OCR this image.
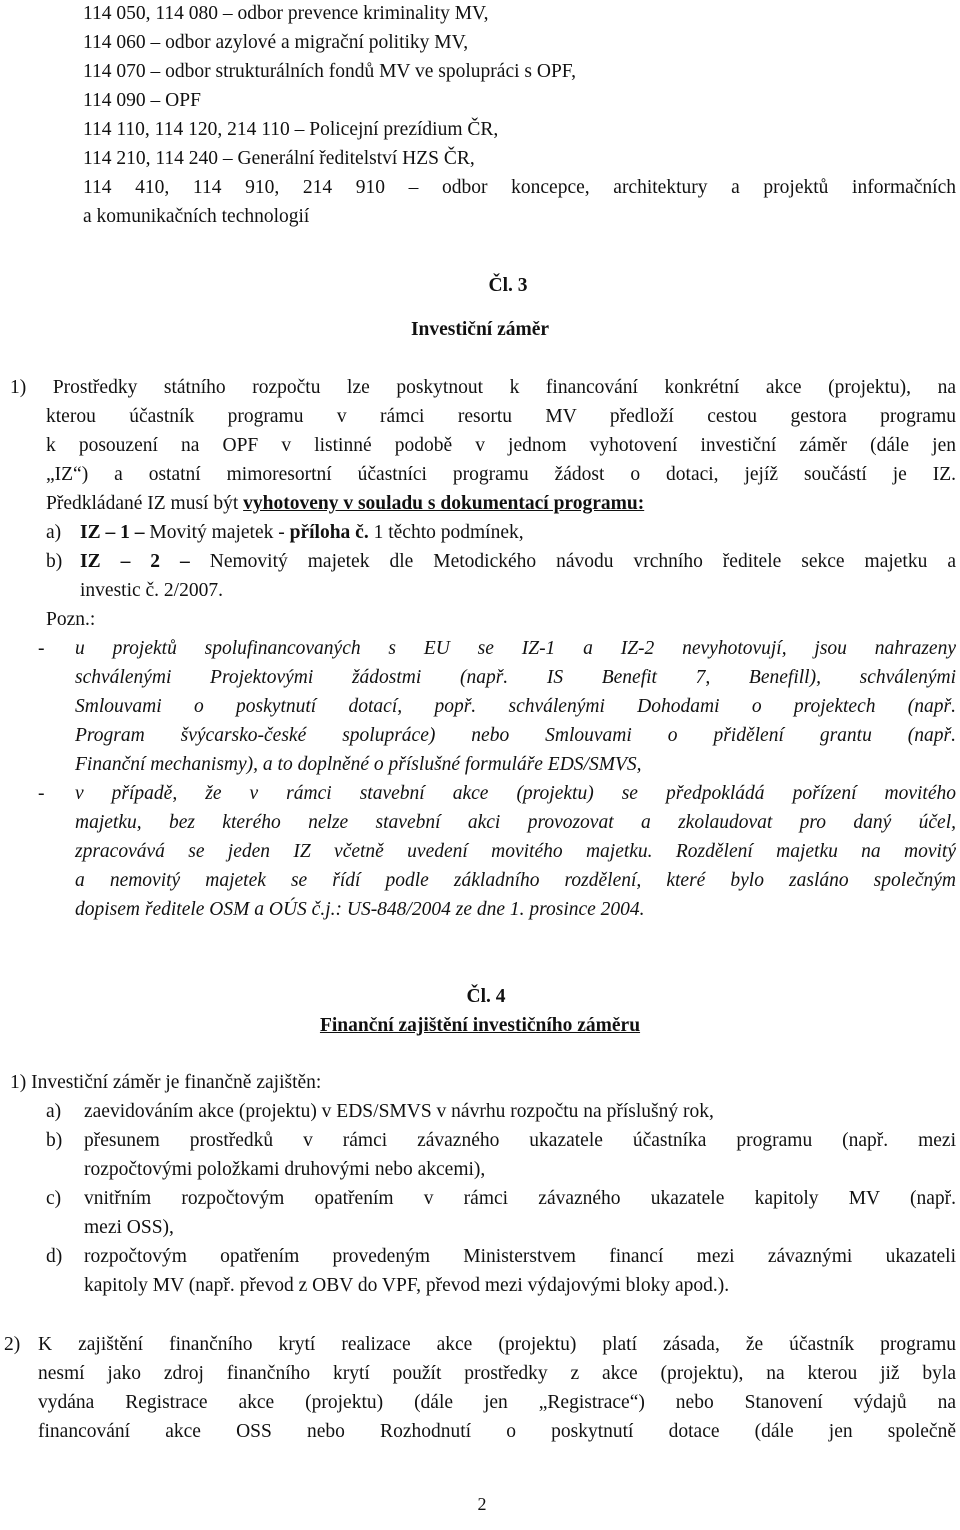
114 050, 114 080 – odbor prevence kriminality MV,
114 060 – odbor azylové a migrační politiky MV,
114 070 – odbor strukturálních fondů MV ve spolupráci s OPF,
114 090 – OPF
114 110, 114 120, 214 110 – Policejní prezídium ČR,
114 210, 114 240 – Generální ředitelství HZS ČR,
114 410, 114 910, 214 910 – odbor koncepce, architektury a projektů informačních
a komunikačních technologií
Čl. 3
Investiční záměr
1) Prostředky státního rozpočtu lze poskytnout k financování konkrétní akce (projektu), na
kterou účastník programu v rámci resortu MV předloží cestou gestora programu
k posouzení na OPF v listinné podobě v jednom vyhotovení investiční záměr (dále jen
„IZ“) a ostatní mimoresortní účastníci programu žádost o dotaci, jejíž součástí je IZ.
Předkládané IZ musí být vyhotoveny v souladu s dokumentací programu:
a) IZ – 1 – Movitý majetek - příloha č. 1 těchto podmínek,
b) IZ – 2 – Nemovitý majetek dle Metodického návodu vrchního ředitele sekce majetku a
investic č. 2/2007.
Pozn.:
- u projektů spolufinancovaných s EU se IZ-1 a IZ-2 nevyhotovují, jsou nahrazeny
schválenými Projektovými žádostmi (např. IS Benefit 7, Benefill), schválenými
Smlouvami o poskytnutí dotací, popř. schválenými Dohodami o projektech (např.
Program švýcarsko-české spolupráce) nebo Smlouvami o přidělení grantu (např.
Finanční mechanismy), a to doplněné o příslušné formuláře EDS/SMVS,
- v případě, že v rámci stavební akce (projektu) se předpokládá pořízení movitého
majetku, bez kterého nelze stavební akci provozovat a zkolaudovat pro daný účel,
zpracovává se jeden IZ včetně uvedení movitého majetku. Rozdělení majetku na movitý
a nemovitý majetek se řídí podle základního rozdělení, které bylo zasláno společným
dopisem ředitele OSM a OÚS č.j.: US-848/2004 ze dne 1. prosince 2004.
Čl. 4
Finanční zajištění investičního záměru
1) Investiční záměr je finančně zajištěn:
a) zaevidováním akce (projektu) v EDS/SMVS v návrhu rozpočtu na příslušný rok,
b) přesunem prostředků v rámci závazného ukazatele účastníka programu (např. mezi
rozpočtovými položkami druhovými nebo akcemi),
c) vnitřním rozpočtovým opatřením v rámci závazného ukazatele kapitoly MV (např.
mezi OSS),
d) rozpočtovým opatřením provedeným Ministerstvem financí mezi závaznými ukazateli
kapitoly MV (např. převod z OBV do VPF, převod mezi výdajovými bloky apod.).
2) K zajištění finančního krytí realizace akce (projektu) platí zásada, že účastník programu
nesmí jako zdroj finančního krytí použít prostředky z akce (projektu), na kterou již byla
vydána Registrace akce (projektu) (dále jen „Registrace“) nebo Stanovení výdajů na
financování akce OSS nebo Rozhodnutí o poskytnutí dotace (dále jen společně
2
